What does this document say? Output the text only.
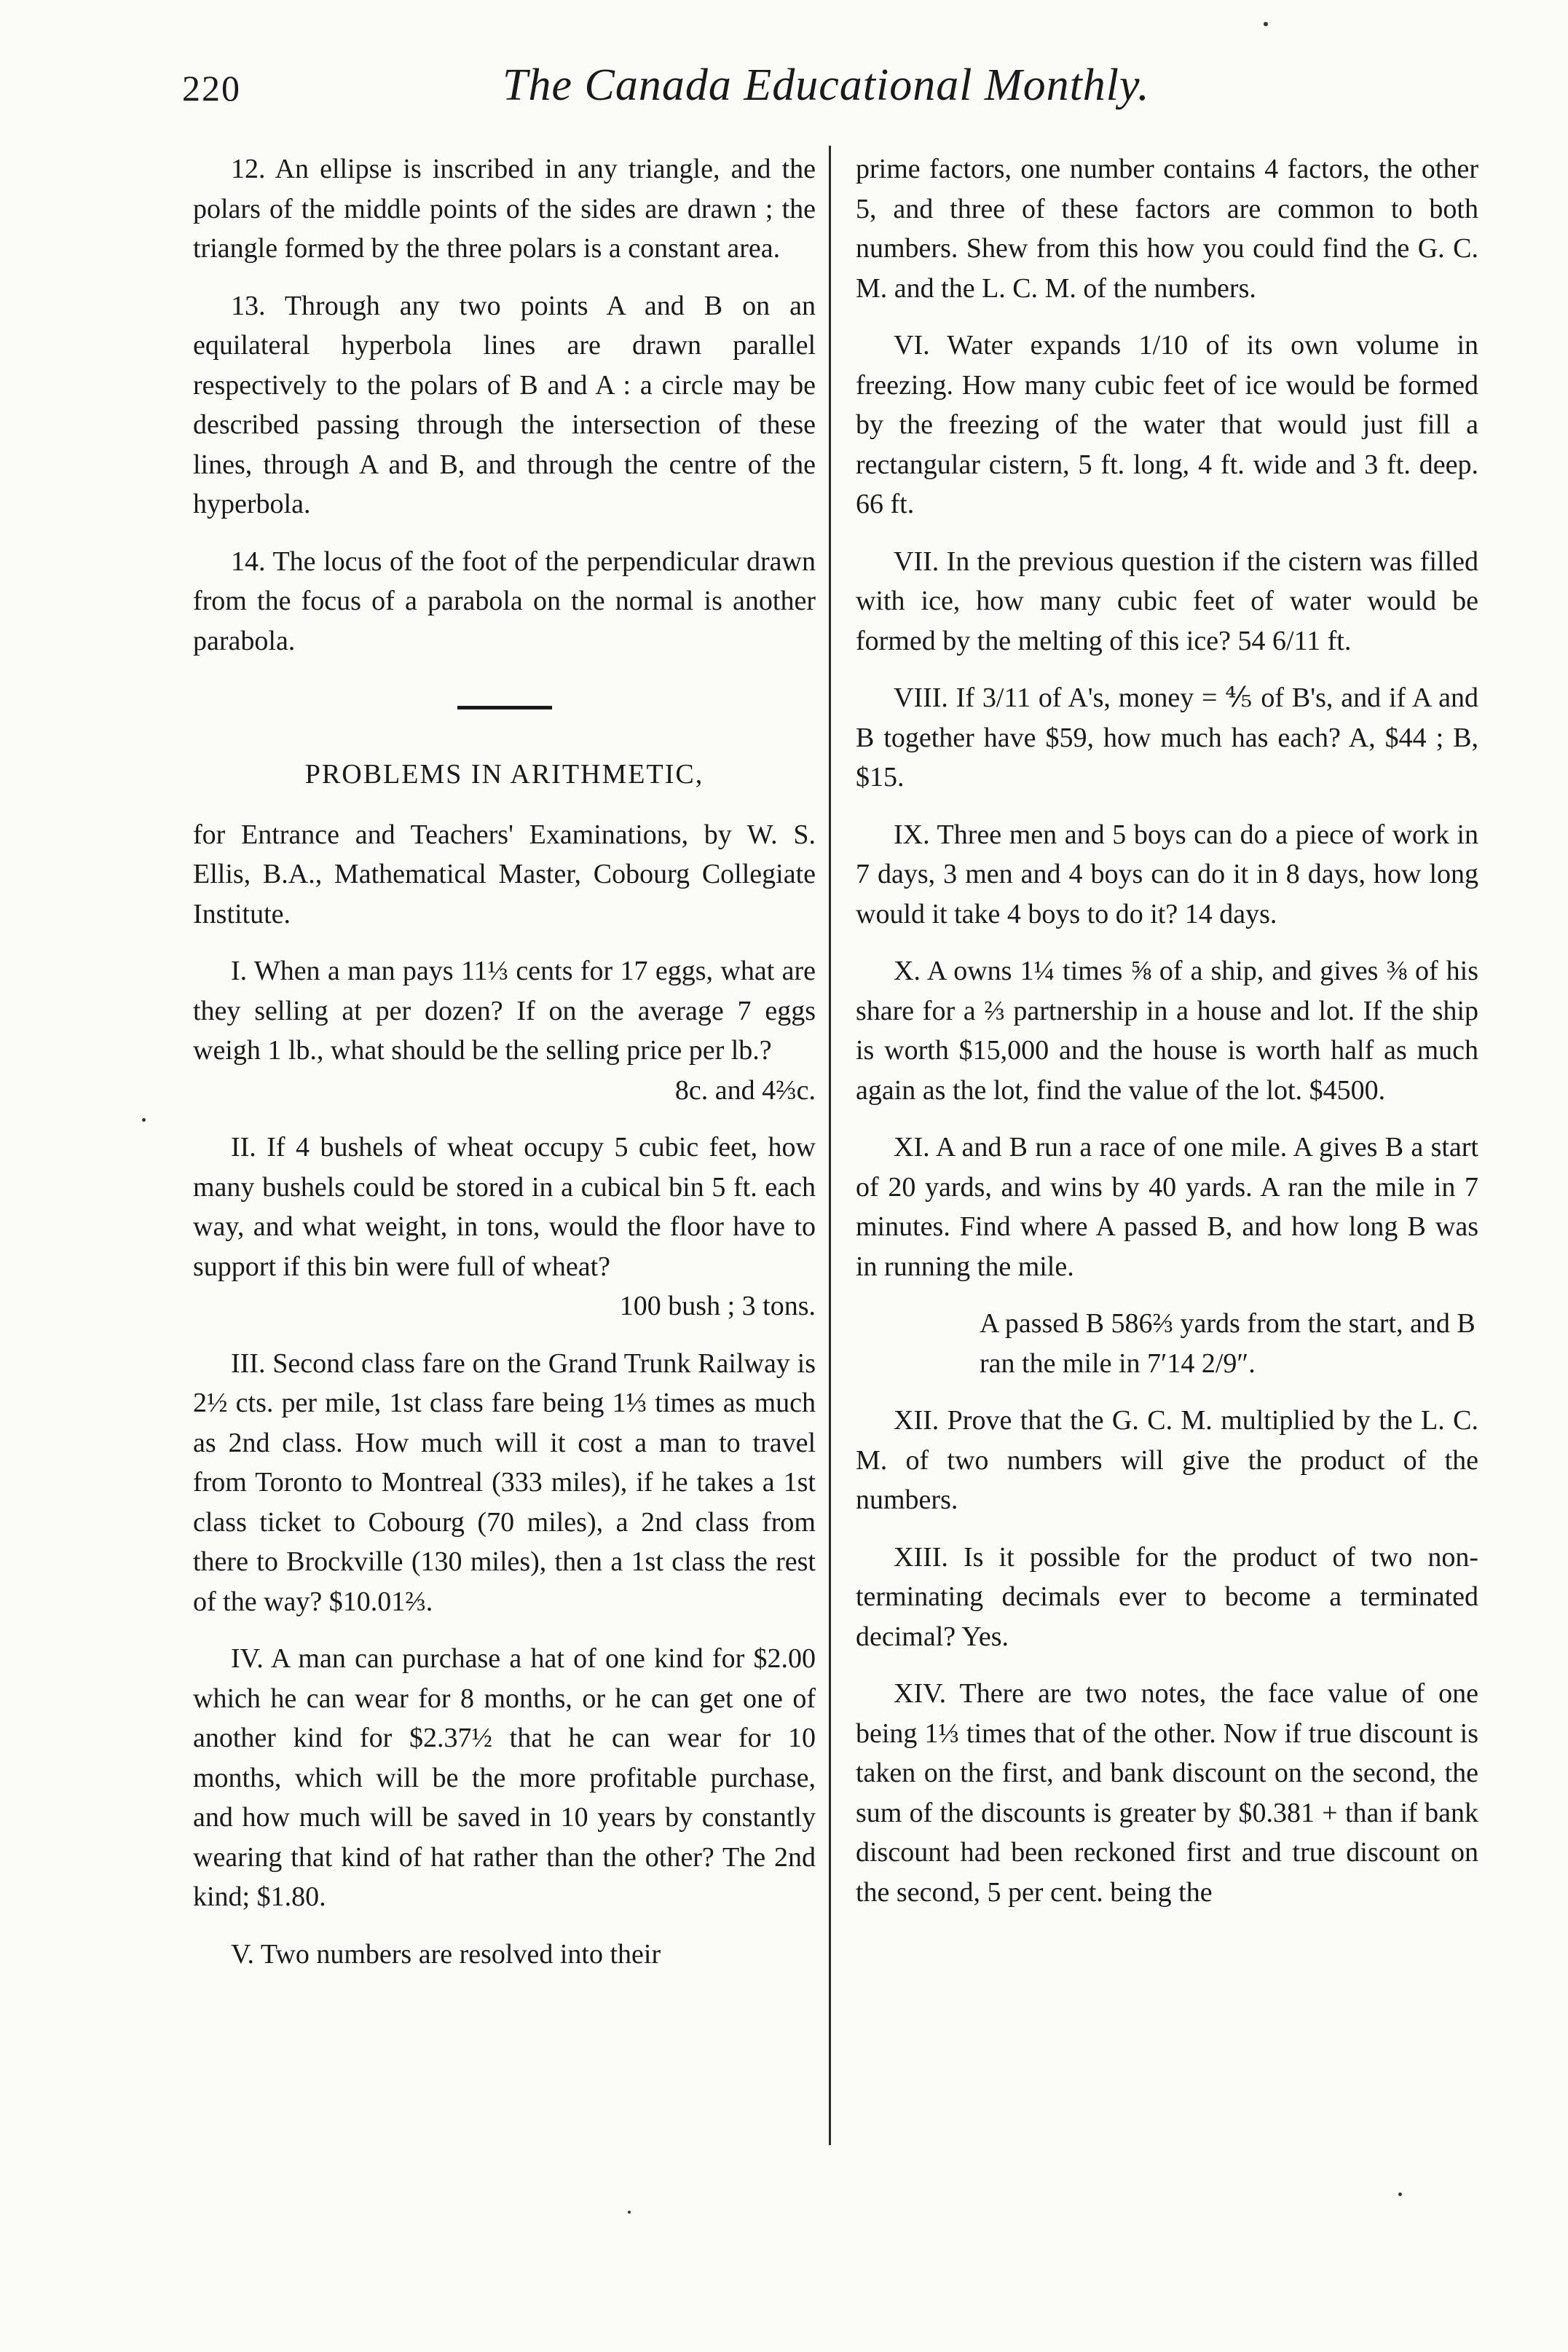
220	The Canada Educational Monthly.

12. An ellipse is inscribed in any triangle, and the polars of the middle points of the sides are drawn ; the triangle formed by the three polars is a constant area.

13. Through any two points A and B on an equilateral hyperbola lines are drawn parallel respectively to the polars of B and A : a circle may be described passing through the intersection of these lines, through A and B, and through the centre of the hyperbola.

14. The locus of the foot of the perpendicular drawn from the focus of a parabola on the normal is another parabola.

PROBLEMS IN ARITHMETIC,

for Entrance and Teachers' Examinations, by W. S. Ellis, B.A., Mathematical Master, Cobourg Collegiate Institute.

I. When a man pays 11⅓ cents for 17 eggs, what are they selling at per dozen? If on the average 7 eggs weigh 1 lb., what should be the selling price per lb.?
8c. and 4⅔c.

II. If 4 bushels of wheat occupy 5 cubic feet, how many bushels could be stored in a cubical bin 5 ft. each way, and what weight, in tons, would the floor have to support if this bin were full of wheat?
100 bush ; 3 tons.

III. Second class fare on the Grand Trunk Railway is 2½ cts. per mile, 1st class fare being 1⅓ times as much as 2nd class. How much will it cost a man to travel from Toronto to Montreal (333 miles), if he takes a 1st class ticket to Cobourg (70 miles), a 2nd class from there to Brockville (130 miles), then a 1st class the rest of the way? $10.01⅔.

IV. A man can purchase a hat of one kind for $2.00 which he can wear for 8 months, or he can get one of another kind for $2.37½ that he can wear for 10 months, which will be the more profitable purchase, and how much will be saved in 10 years by constantly wearing that kind of hat rather than the other? The 2nd kind; $1.80.

V. Two numbers are resolved into their

prime factors, one number contains 4 factors, the other 5, and three of these factors are common to both numbers. Shew from this how you could find the G. C. M. and the L. C. M. of the numbers.

VI. Water expands 1/10 of its own volume in freezing. How many cubic feet of ice would be formed by the freezing of the water that would just fill a rectangular cistern, 5 ft. long, 4 ft. wide and 3 ft. deep. 66 ft.

VII. In the previous question if the cistern was filled with ice, how many cubic feet of water would be formed by the melting of this ice? 54 6/11 ft.

VIII. If 3/11 of A's, money = ⅘ of B's, and if A and B together have $59, how much has each? A, $44 ; B, $15.

IX. Three men and 5 boys can do a piece of work in 7 days, 3 men and 4 boys can do it in 8 days, how long would it take 4 boys to do it? 14 days.

X. A owns 1¼ times ⅝ of a ship, and gives ⅜ of his share for a ⅔ partnership in a house and lot. If the ship is worth $15,000 and the house is worth half as much again as the lot, find the value of the lot. $4500.

XI. A and B run a race of one mile. A gives B a start of 20 yards, and wins by 40 yards. A ran the mile in 7 minutes. Find where A passed B, and how long B was in running the mile.

A passed B 586⅔ yards from the start, and B ran the mile in 7′14 2/9″.

XII. Prove that the G. C. M. multiplied by the L. C. M. of two numbers will give the product of the numbers.

XIII. Is it possible for the product of two non-terminating decimals ever to become a terminated decimal? Yes.

XIV. There are two notes, the face value of one being 1⅓ times that of the other. Now if true discount is taken on the first, and bank discount on the second, the sum of the discounts is greater by $0.381 + than if bank discount had been reckoned first and true discount on the second, 5 per cent. being the
